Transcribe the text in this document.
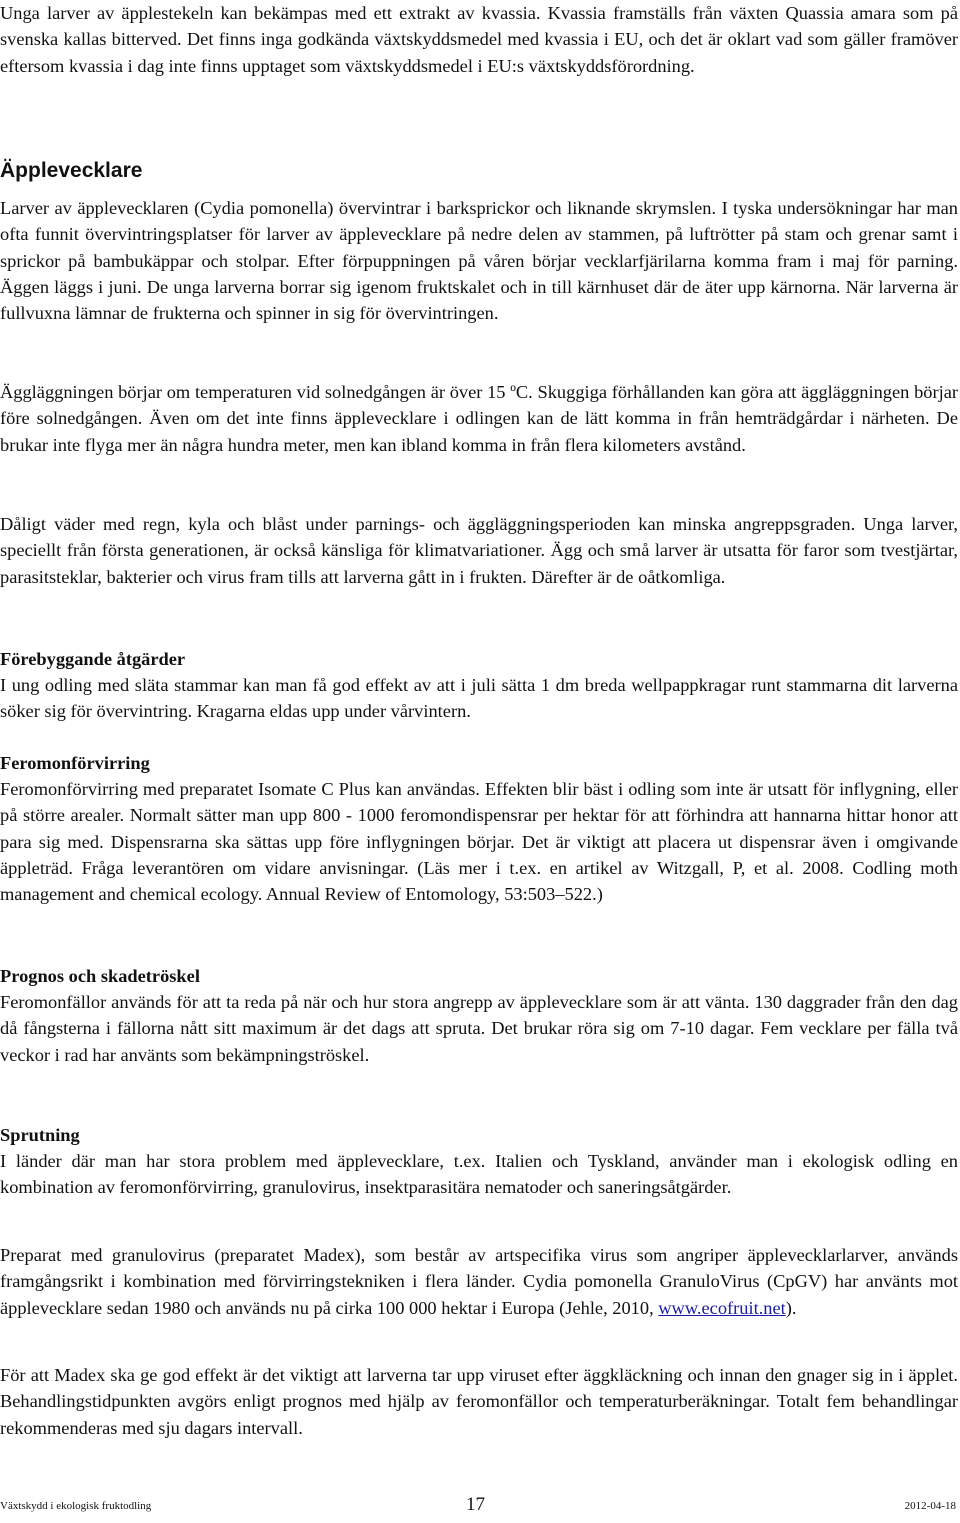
Unga larver av äpplestekeln kan bekämpas med ett extrakt av kvassia. Kvassia framställs från växten Quassia amara som på svenska kallas bitterved. Det finns inga godkända växtskyddsmedel med kvassia i EU, och det är oklart vad som gäller framöver eftersom kvassia i dag inte finns upptaget som växtskyddsmedel i EU:s växtskyddsförordning.

Äpplevecklare

Larver av äpplevecklaren (Cydia pomonella) övervintrar i barksprickor och liknande skrymslen. I tyska undersökningar har man ofta funnit övervintringsplatser för larver av äpplevecklare på nedre delen av stammen, på luftrötter på stam och grenar samt i sprickor på bambukäppar och stolpar. Efter förpuppningen på våren börjar vecklarfjärilarna komma fram i maj för parning. Äggen läggs i juni. De unga larverna borrar sig igenom fruktskalet och in till kärnhuset där de äter upp kärnorna. När larverna är fullvuxna lämnar de frukterna och spinner in sig för övervintringen.

Äggläggningen börjar om temperaturen vid solnedgången är över 15 ºC. Skuggiga förhållanden kan göra att äggläggningen börjar före solnedgången. Även om det inte finns äpplevecklare i odlingen kan de lätt komma in från hemträdgårdar i närheten. De brukar inte flyga mer än några hundra meter, men kan ibland komma in från flera kilometers avstånd.

Dåligt väder med regn, kyla och blåst under parnings- och äggläggningsperioden kan minska angreppsgraden. Unga larver, speciellt från första generationen, är också känsliga för klimatvariationer. Ägg och små larver är utsatta för faror som tvestjärtar, parasitsteklar, bakterier och virus fram tills att larverna gått in i frukten. Därefter är de oåtkomliga.

Förebyggande åtgärder

I ung odling med släta stammar kan man få god effekt av att i juli sätta 1 dm breda wellpappkragar runt stammarna dit larverna söker sig för övervintring. Kragarna eldas upp under vårvintern.

Feromonförvirring

Feromonförvirring med preparatet Isomate C Plus kan användas. Effekten blir bäst i odling som inte är utsatt för inflygning, eller på större arealer. Normalt sätter man upp 800 - 1000 feromondispensrar per hektar för att förhindra att hannarna hittar honor att para sig med. Dispensrarna ska sättas upp före inflygningen börjar. Det är viktigt att placera ut dispensrar även i omgivande äppleträd. Fråga leverantören om vidare anvisningar. (Läs mer i t.ex. en artikel av Witzgall, P, et al. 2008. Codling moth management and chemical ecology. Annual Review of Entomology, 53:503–522.)

Prognos och skadetröskel

Feromonfällor används för att ta reda på när och hur stora angrepp av äpplevecklare som är att vänta. 130 daggrader från den dag då fångsterna i fällorna nått sitt maximum är det dags att spruta. Det brukar röra sig om 7-10 dagar. Fem vecklare per fälla två veckor i rad har använts som bekämpningströskel.

Sprutning

I länder där man har stora problem med äpplevecklare, t.ex. Italien och Tyskland, använder man i ekologisk odling en kombination av feromonförvirring, granulovirus, insektparasitära nematoder och saneringsåtgärder.

Preparat med granulovirus (preparatet Madex), som består av artspecifika virus som angriper äpplevecklarlarver, används framgångsrikt i kombination med förvirringstekniken i flera länder. Cydia pomonella GranuloVirus (CpGV) har använts mot äpplevecklare sedan 1980 och används nu på cirka 100 000 hektar i Europa (Jehle, 2010, www.ecofruit.net).

För att Madex ska ge god effekt är det viktigt att larverna tar upp viruset efter äggkläckning och innan den gnager sig in i äpplet. Behandlingstidpunkten avgörs enligt prognos med hjälp av feromonfällor och temperaturberäkningar. Totalt fem behandlingar rekommenderas med sju dagars intervall.

Växtskydd i ekologisk fruktodling	17	2012-04-18
